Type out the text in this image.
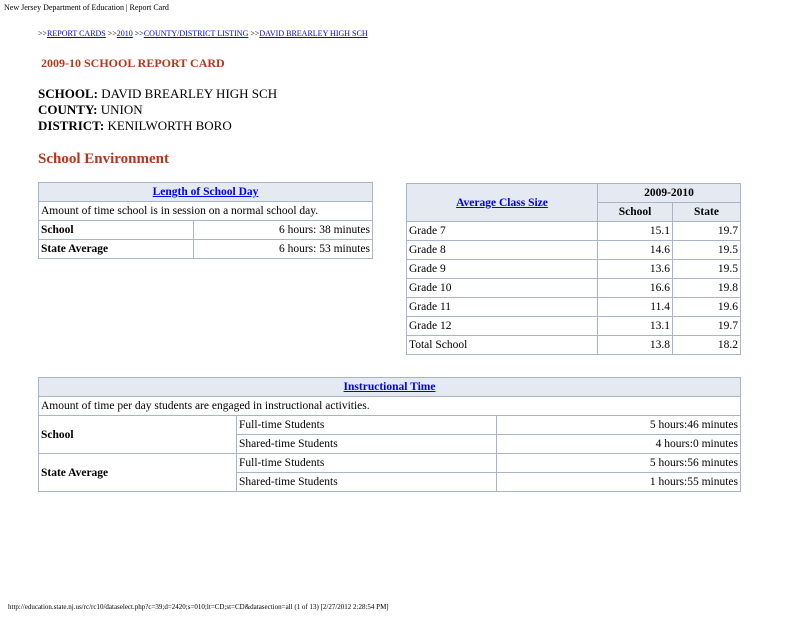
New Jersey Department of Education | Report Card
>>REPORT CARDS >>2010 >>COUNTY/DISTRICT LISTING >>DAVID BREARLEY HIGH SCH
2009-10 SCHOOL REPORT CARD
SCHOOL: DAVID BREARLEY HIGH SCH
COUNTY: UNION
DISTRICT: KENILWORTH BORO
School Environment
Length of School Day	
Amount of time school is in session on a normal school day.	
School	6 hours: 38 minutes
State Average	6 hours: 53 minutes
Average Class Size	2009-2010	
	School	State
Grade 7	15.1	19.7
Grade 8	14.6	19.5
Grade 9	13.6	19.5
Grade 10	16.6	19.8
Grade 11	11.4	19.6
Grade 12	13.1	19.7
Total School	13.8	18.2
Instructional Time		
Amount of time per day students are engaged in instructional activities.		
School	Full-time Students	5 hours:46 minutes
	Shared-time Students	4 hours:0 minutes
State Average	Full-time Students	5 hours:56 minutes
	Shared-time Students	1 hours:55 minutes
http://education.state.nj.us/rc/rc10/dataselect.php?c=39;d=2420;s=010;lt=CD;st=CD&datasection=all (1 of 13) [2/27/2012 2:28:54 PM]
